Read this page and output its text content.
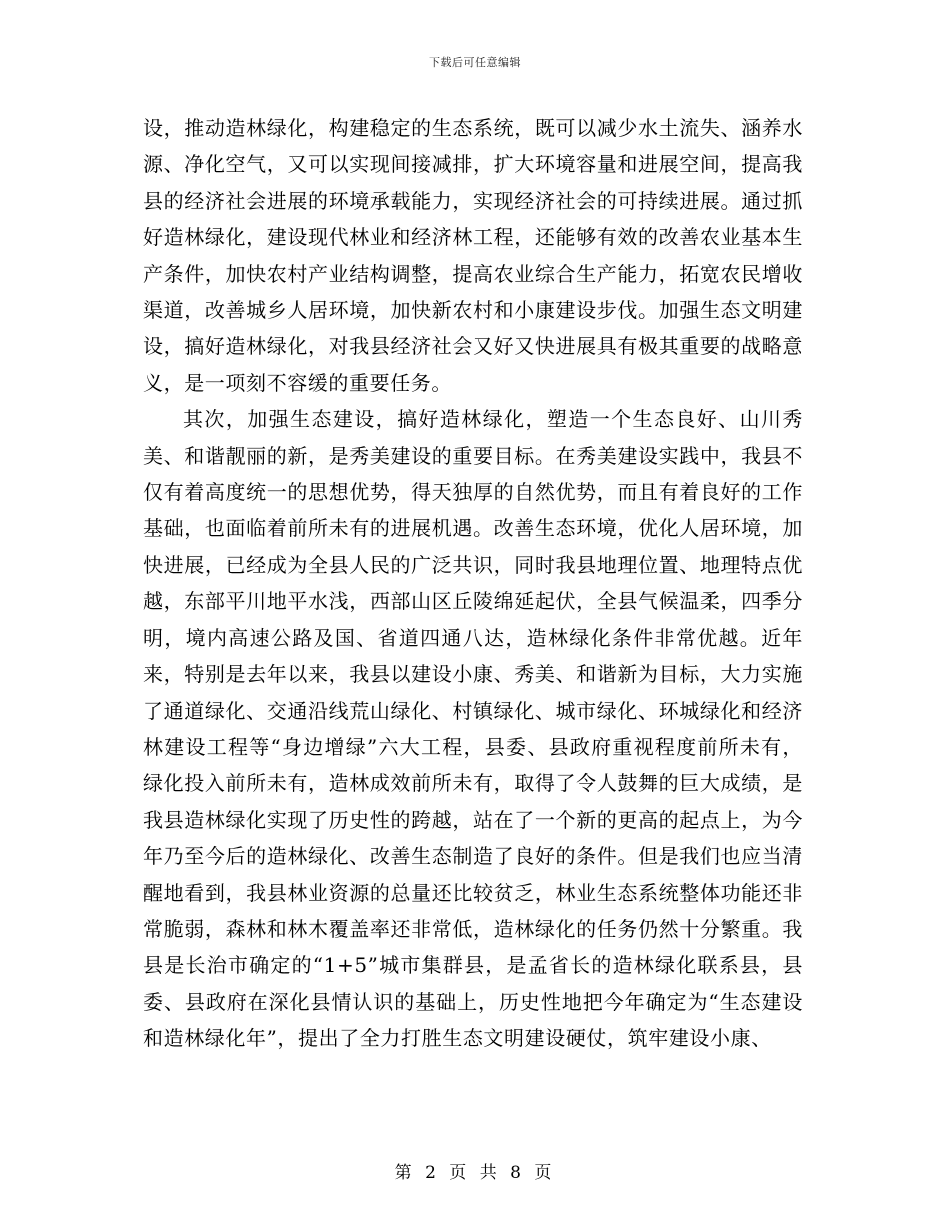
下载后可任意编辑

设，推动造林绿化，构建稳定的生态系统，既可以减少水土流失、涵养水源、净化空气，又可以实现间接减排，扩大环境容量和进展空间，提高我县的经济社会进展的环境承载能力，实现经济社会的可持续进展。通过抓好造林绿化，建设现代林业和经济林工程，还能够有效的改善农业基本生产条件，加快农村产业结构调整，提高农业综合生产能力，拓宽农民增收渠道，改善城乡人居环境，加快新农村和小康建设步伐。加强生态文明建设，搞好造林绿化，对我县经济社会又好又快进展具有极其重要的战略意义，是一项刻不容缓的重要任务。

其次，加强生态建设，搞好造林绿化，塑造一个生态良好、山川秀美、和谐靓丽的新，是秀美建设的重要目标。在秀美建设实践中，我县不仅有着高度统一的思想优势，得天独厚的自然优势，而且有着良好的工作基础，也面临着前所未有的进展机遇。改善生态环境，优化人居环境，加快进展，已经成为全县人民的广泛共识，同时我县地理位置、地理特点优越，东部平川地平水浅，西部山区丘陵绵延起伏，全县气候温柔，四季分明，境内高速公路及国、省道四通八达，造林绿化条件非常优越。近年来，特别是去年以来，我县以建设小康、秀美、和谐新为目标，大力实施了通道绿化、交通沿线荒山绿化、村镇绿化、城市绿化、环城绿化和经济林建设工程等“身边增绿”六大工程，县委、县政府重视程度前所未有，绿化投入前所未有，造林成效前所未有，取得了令人鼓舞的巨大成绩，是我县造林绿化实现了历史性的跨越，站在了一个新的更高的起点上，为今年乃至今后的造林绿化、改善生态制造了良好的条件。但是我们也应当清醒地看到，我县林业资源的总量还比较贫乏，林业生态系统整体功能还非常脆弱，森林和林木覆盖率还非常低，造林绿化的任务仍然十分繁重。我县是长治市确定的“1+5”城市集群县，是孟省长的造林绿化联系县，县委、县政府在深化县情认识的基础上，历史性地把今年确定为“生态建设和造林绿化年”，提出了全力打胜生态文明建设硬仗，筑牢建设小康、

第 2 页 共 8 页
